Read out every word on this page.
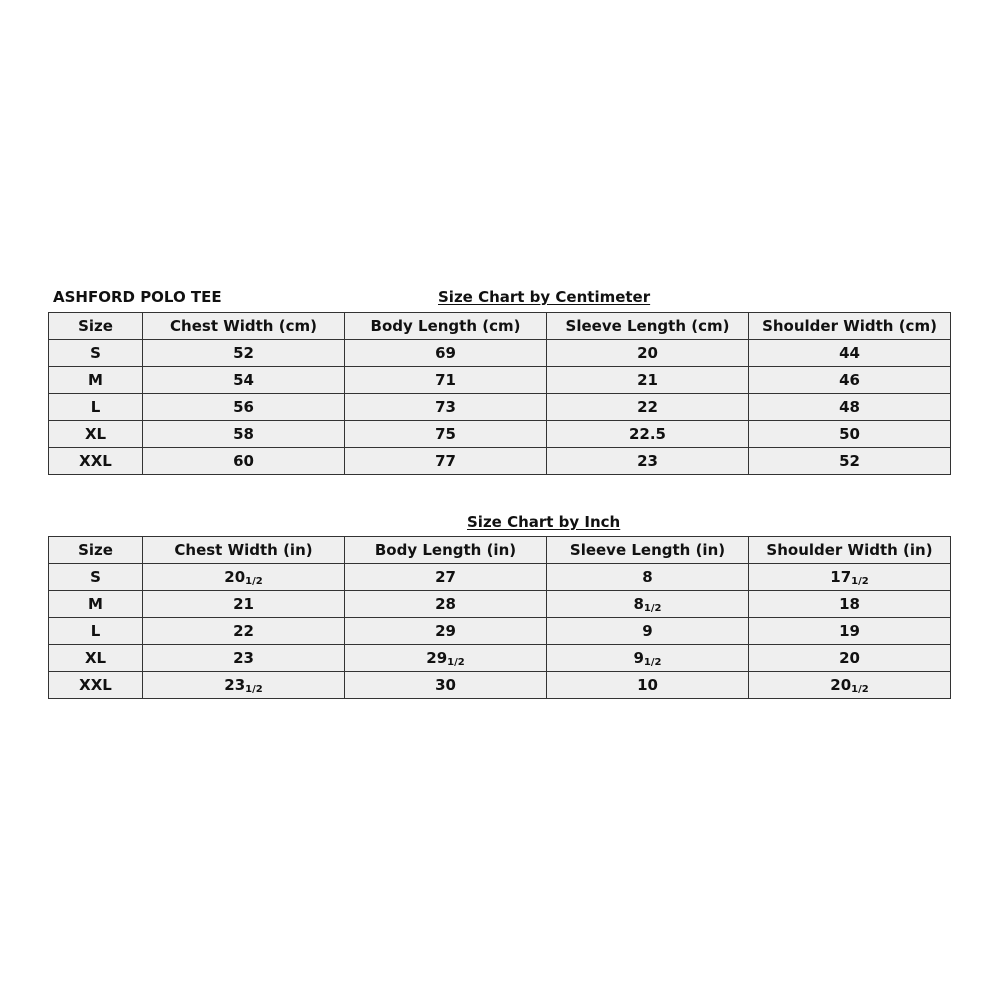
ASHFORD POLO TEE	Size Chart by Centimeter
Size	Chest Width (cm)	Body Length (cm)	Sleeve Length (cm)	Shoulder Width (cm)
S	52	69	20	44
M	54	71	21	46
L	56	73	22	48
XL	58	75	22.5	50
XXL	60	77	23	52
Size Chart by Inch
Size	Chest Width (in)	Body Length (in)	Sleeve Length (in)	Shoulder Width (in)
S	201/2	27	8	171/2
M	21	28	81/2	18
L	22	29	9	19
XL	23	291/2	91/2	20
XXL	231/2	30	10	201/2
